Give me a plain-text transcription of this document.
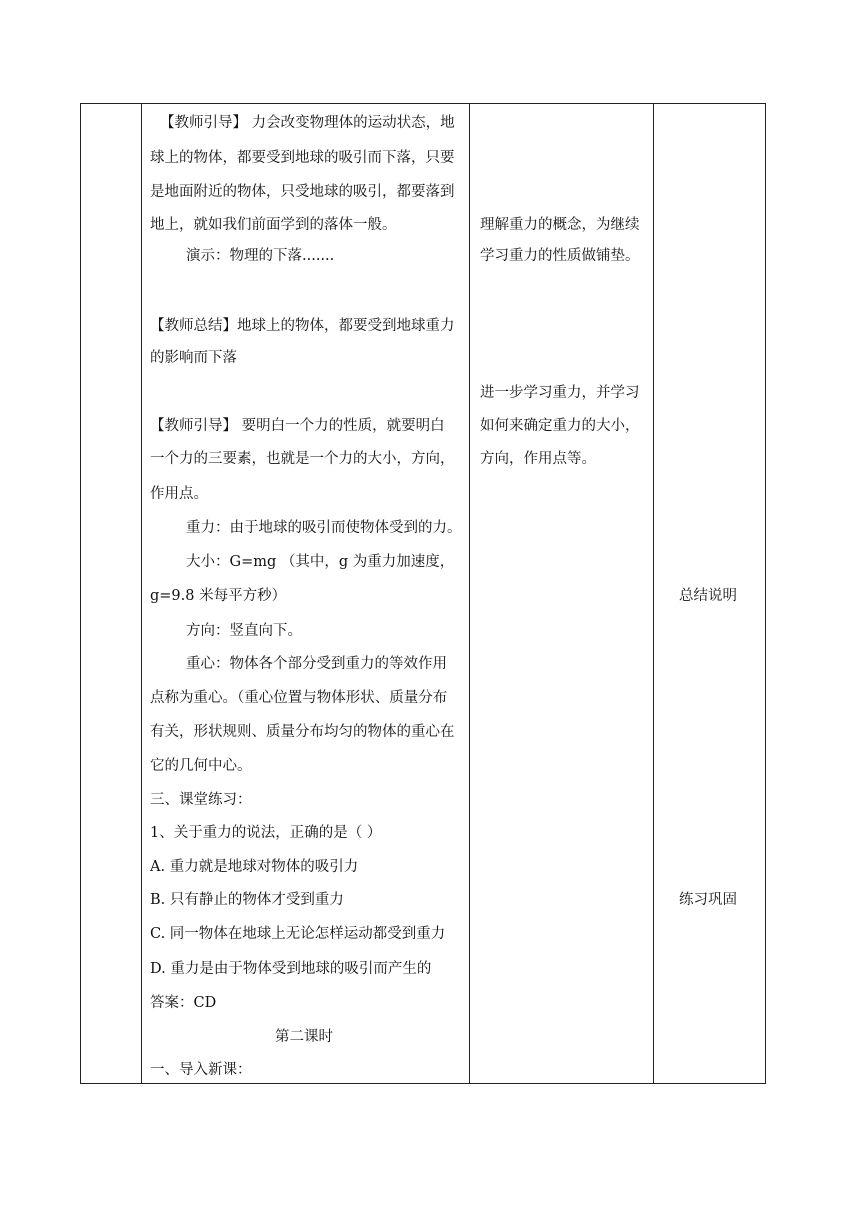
【教师引导】 力会改变物理体的运动状态，地
球上的物体，都要受到地球的吸引而下落，只要
是地面附近的物体，只受地球的吸引，都要落到
地上，就如我们前面学到的落体一般。
演示：物理的下落.......
【教师总结】地球上的物体，都要受到地球重力
的影响而下落
【教师引导】 要明白一个力的性质，就要明白
一个力的三要素，也就是一个力的大小，方向，
作用点。
重力：由于地球的吸引而使物体受到的力。
大小：G=mg （其中，g 为重力加速度，
g=9.8 米每平方秒）
方向：竖直向下。
重心：物体各个部分受到重力的等效作用
点称为重心。（重心位置与物体形状、质量分布
有关，形状规则、质量分布均匀的物体的重心在
它的几何中心。
三、课堂练习：
1、关于重力的说法，正确的是（ ）
A. 重力就是地球对物体的吸引力
B. 只有静止的物体才受到重力
C. 同一物体在地球上无论怎样运动都受到重力
D. 重力是由于物体受到地球的吸引而产生的
答案：CD
第二课时
一、导入新课：
理解重力的概念，为继续
学习重力的性质做铺垫。
进一步学习重力，并学习
如何来确定重力的大小，
方向，作用点等。
总结说明
练习巩固
